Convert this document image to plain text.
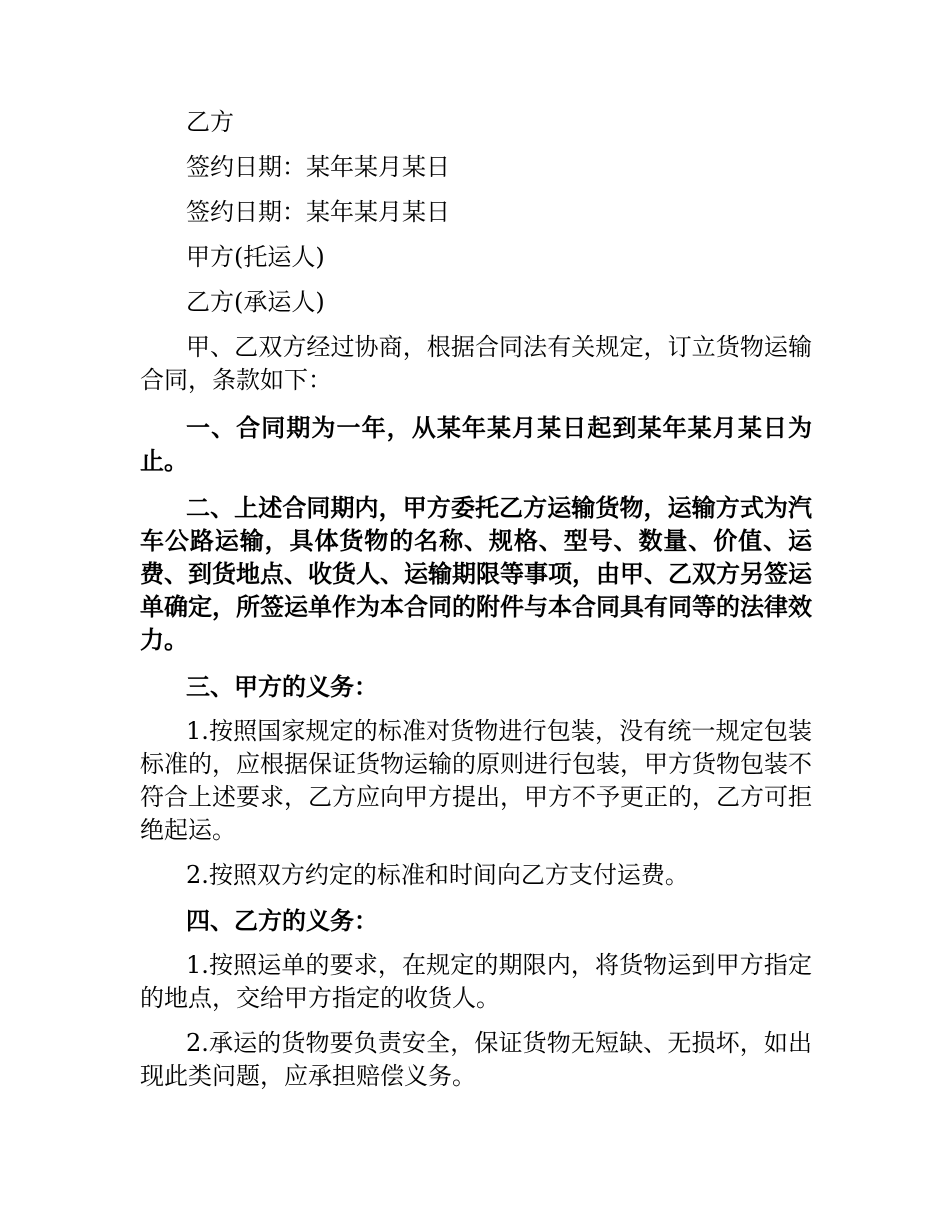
乙方

签约日期：某年某月某日

签约日期：某年某月某日

甲方(托运人)

乙方(承运人)

甲、乙双方经过协商，根据合同法有关规定，订立货物运输合同，条款如下：

一、合同期为一年，从某年某月某日起到某年某月某日为止。

二、上述合同期内，甲方委托乙方运输货物，运输方式为汽车公路运输，具体货物的名称、规格、型号、数量、价值、运费、到货地点、收货人、运输期限等事项，由甲、乙双方另签运单确定，所签运单作为本合同的附件与本合同具有同等的法律效力。

三、甲方的义务：

1.按照国家规定的标准对货物进行包装，没有统一规定包装标准的，应根据保证货物运输的原则进行包装，甲方货物包装不符合上述要求，乙方应向甲方提出，甲方不予更正的，乙方可拒绝起运。

2.按照双方约定的标准和时间向乙方支付运费。

四、乙方的义务：

1.按照运单的要求，在规定的期限内，将货物运到甲方指定的地点，交给甲方指定的收货人。

2.承运的货物要负责安全，保证货物无短缺、无损坏，如出现此类问题，应承担赔偿义务。
